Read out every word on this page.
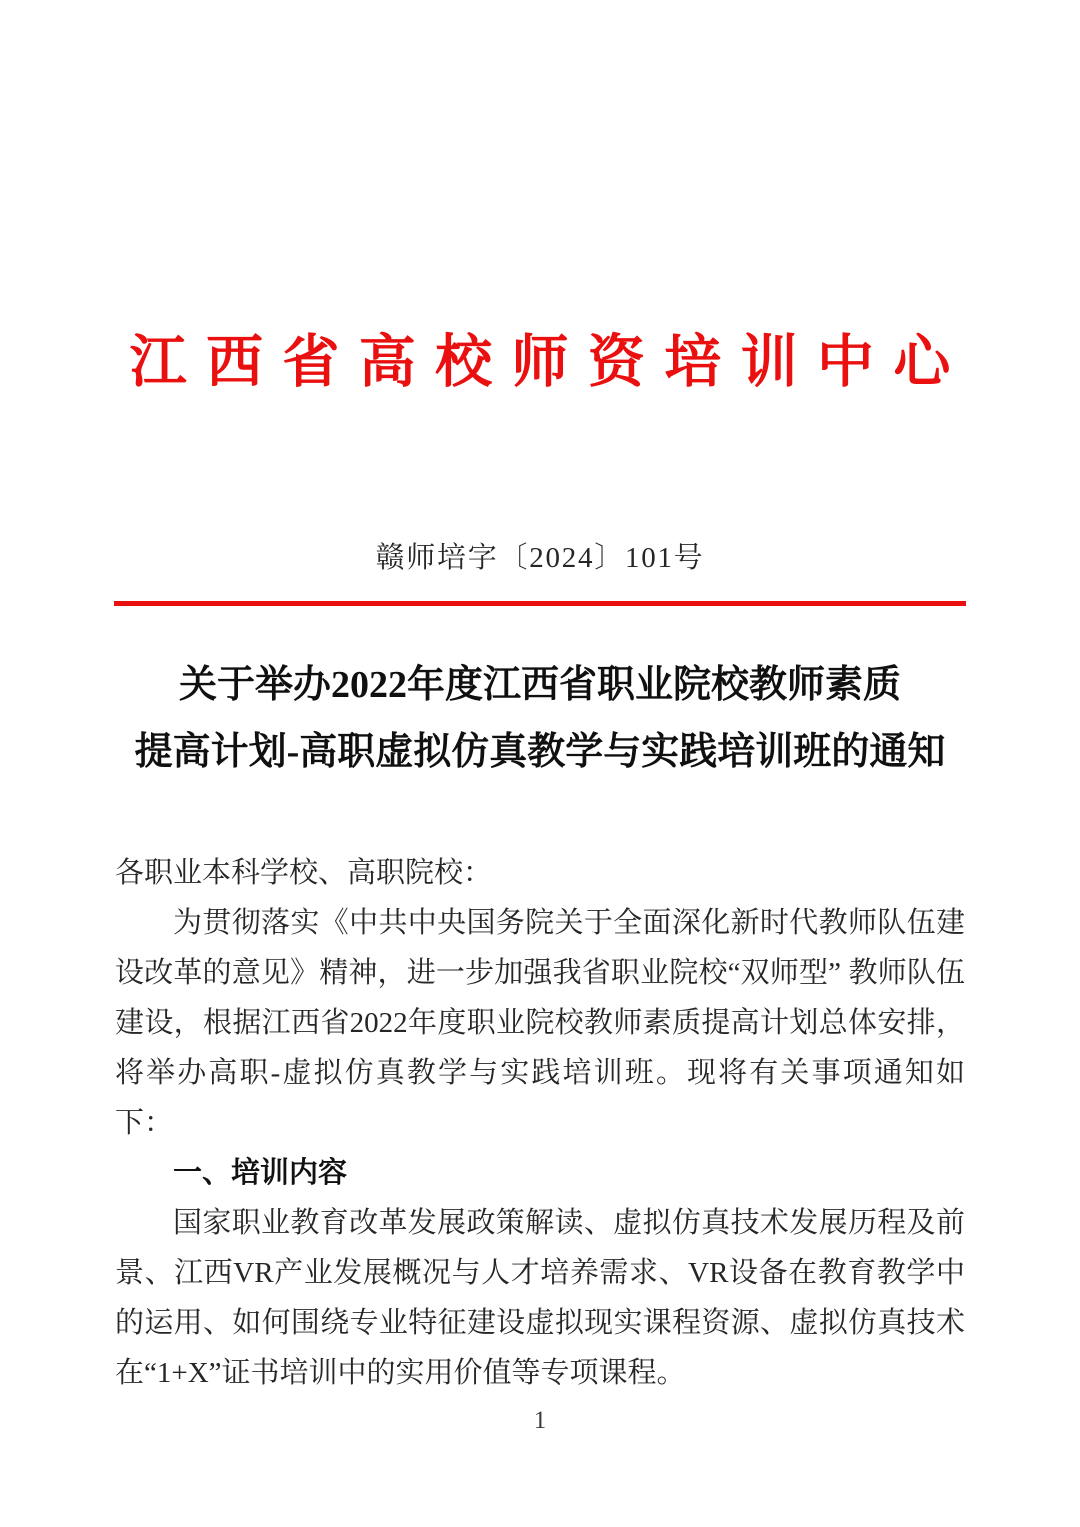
江西省高校师资培训中心
赣师培字〔2024〕101号
关于举办2022年度江西省职业院校教师素质
提高计划-高职虚拟仿真教学与实践培训班的通知

各职业本科学校、高职院校：

为贯彻落实《中共中央国务院关于全面深化新时代教师队伍建设改革的意见》精神，进一步加强我省职业院校“双师型” 教师队伍建设，根据江西省2022年度职业院校教师素质提高计划总体安排，将举办高职-虚拟仿真教学与实践培训班。现将有关事项通知如下：

一、培训内容

国家职业教育改革发展政策解读、虚拟仿真技术发展历程及前景、江西VR产业发展概况与人才培养需求、VR设备在教育教学中的运用、如何围绕专业特征建设虚拟现实课程资源、虚拟仿真技术在“1+X”证书培训中的实用价值等专项课程。

1
